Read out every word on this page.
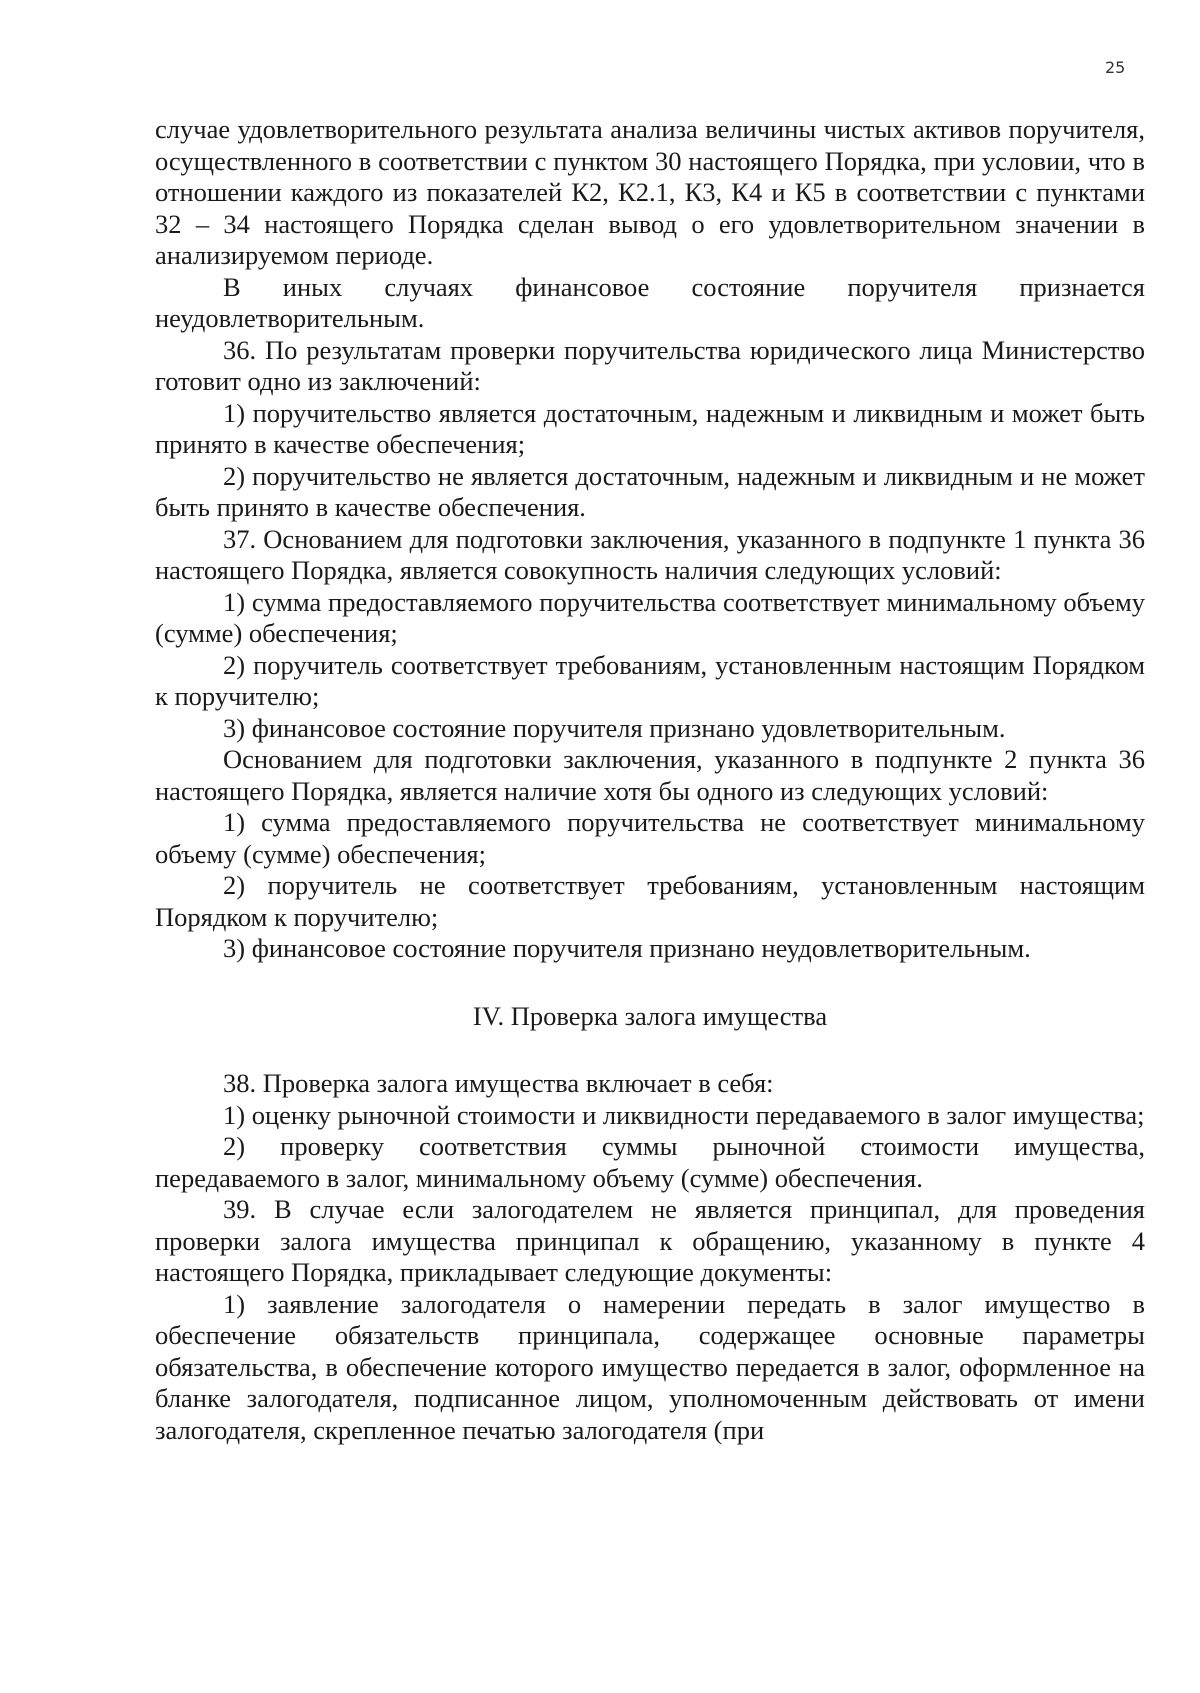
25

случае удовлетворительного результата анализа величины чистых активов поручителя, осуществленного в соответствии с пунктом 30 настоящего Порядка, при условии, что в отношении каждого из показателей К2, К2.1, К3, К4 и К5 в соответствии с пунктами 32 – 34 настоящего Порядка сделан вывод о его удовлетворительном значении в анализируемом периоде.

В иных случаях финансовое состояние поручителя признается неудовлетворительным.

36. По результатам проверки поручительства юридического лица Министерство готовит одно из заключений:

1) поручительство является достаточным, надежным и ликвидным и может быть принято в качестве обеспечения;

2) поручительство не является достаточным, надежным и ликвидным и не может быть принято в качестве обеспечения.

37. Основанием для подготовки заключения, указанного в подпункте 1 пункта 36 настоящего Порядка, является совокупность наличия следующих условий:

1) сумма предоставляемого поручительства соответствует минимальному объему (сумме) обеспечения;

2) поручитель соответствует требованиям, установленным настоящим Порядком к поручителю;

3) финансовое состояние поручителя признано удовлетворительным.

Основанием для подготовки заключения, указанного в подпункте 2 пункта 36 настоящего Порядка, является наличие хотя бы одного из следующих условий:

1) сумма предоставляемого поручительства не соответствует минимальному объему (сумме) обеспечения;

2) поручитель не соответствует требованиям, установленным настоящим Порядком к поручителю;

3) финансовое состояние поручителя признано неудовлетворительным.

IV. Проверка залога имущества

38. Проверка залога имущества включает в себя:

1) оценку рыночной стоимости и ликвидности передаваемого в залог имущества;

2) проверку соответствия суммы рыночной стоимости имущества, передаваемого в залог, минимальному объему (сумме) обеспечения.

39. В случае если залогодателем не является принципал, для проведения проверки залога имущества принципал к обращению, указанному в пункте 4 настоящего Порядка, прикладывает следующие документы:

1) заявление залогодателя о намерении передать в залог имущество в обеспечение обязательств принципала, содержащее основные параметры обязательства, в обеспечение которого имущество передается в залог, оформленное на бланке залогодателя, подписанное лицом, уполномоченным действовать от имени залогодателя, скрепленное печатью залогодателя (при
